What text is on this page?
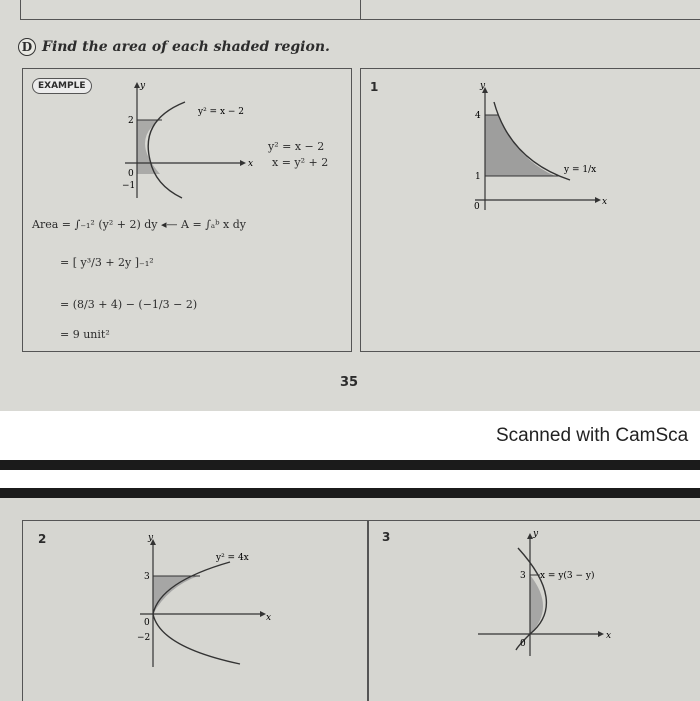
D Find the area of each shaded region.
EXAMPLE	y
x
2
0
−1
y² = x − 2
y² = x − 2
x = y² + 2
Area = ∫₋₁² (y² + 2) dy ◂— A = ∫ₐᵇ x dy
= [ y³/3 + 2y ]₋₁²
= (8/3 + 4) − (−1/3 − 2)
= 9 unit²
1	y
x
4
1
0
y = 1/x
35
Scanned with CamSca
2	y
x
3
0
−2
y² = 4x
3	y
x
3
0
x = y(3 − y)
